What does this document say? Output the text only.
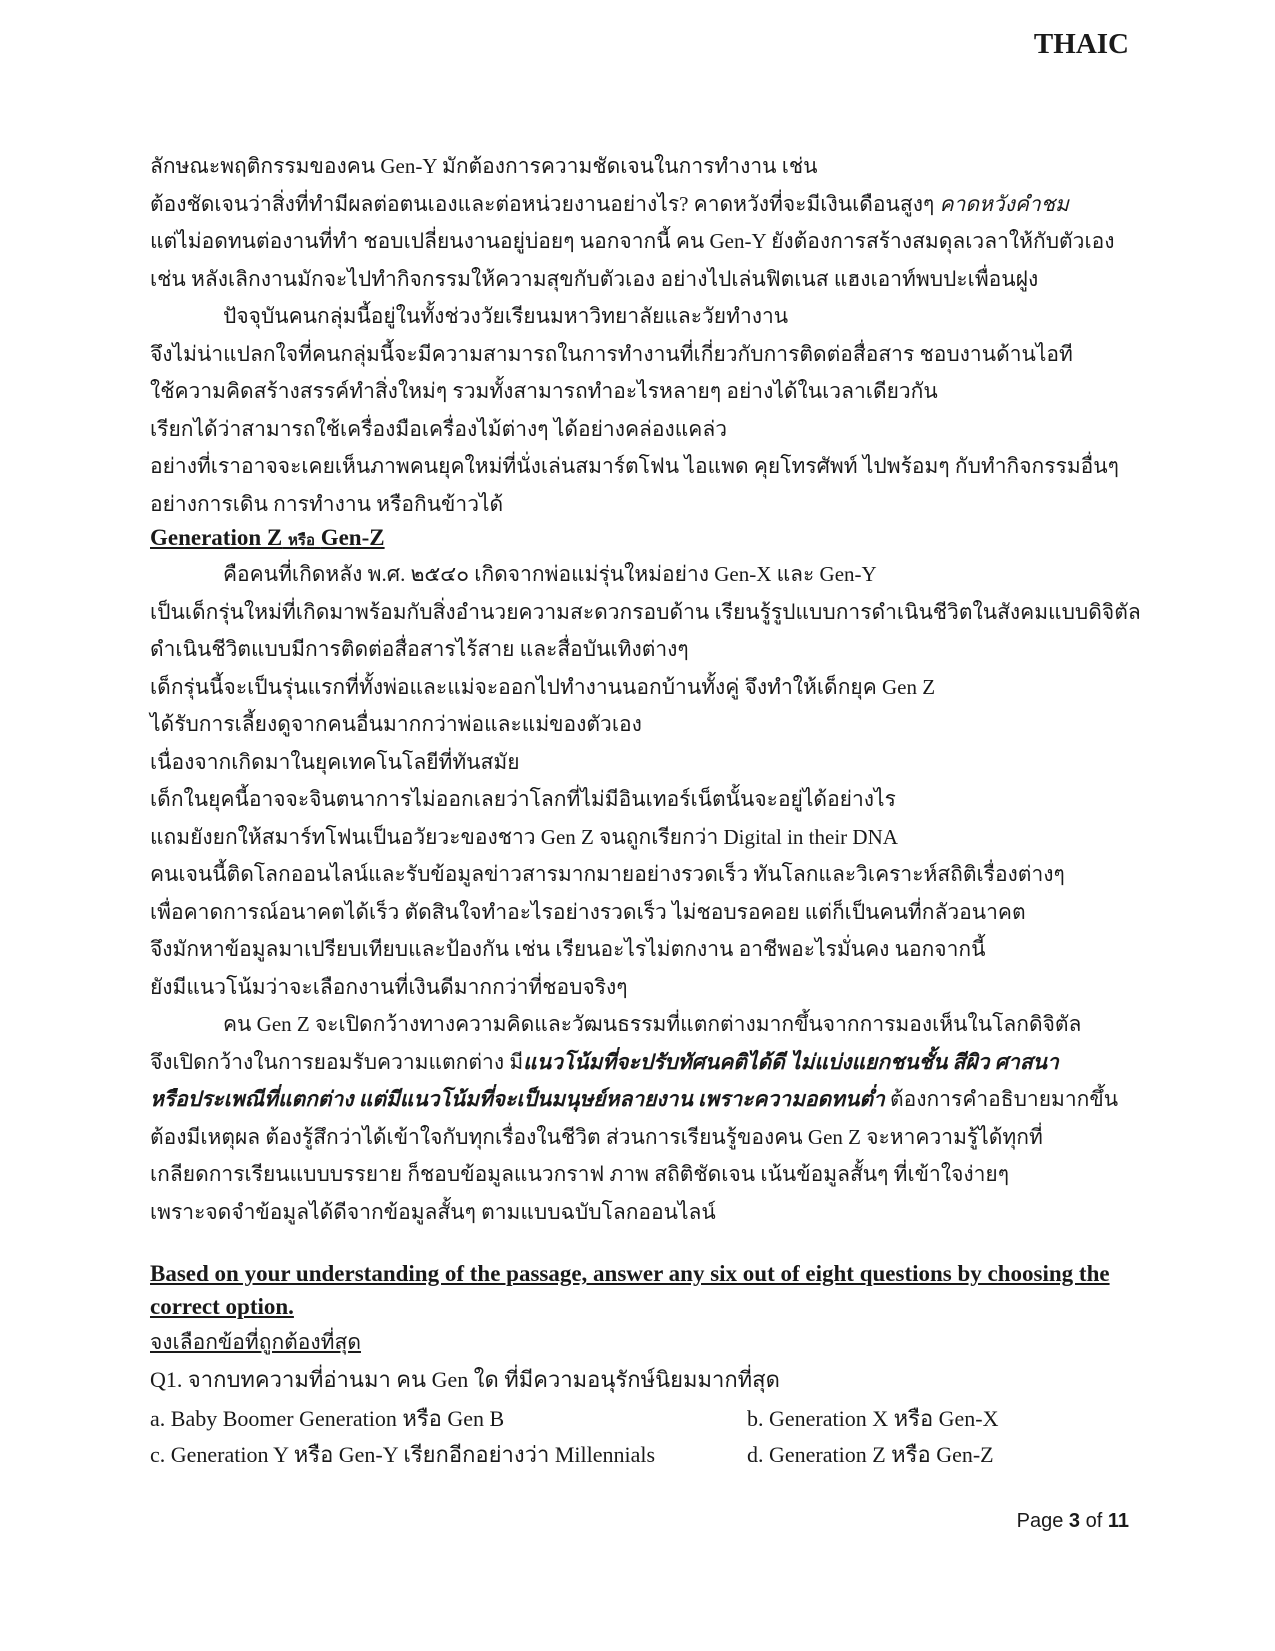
THAIC
ลักษณะพฤติกรรมของคน Gen-Y มักต้องการความชัดเจนในการทำงาน เช่น
ต้องชัดเจนว่าสิ่งที่ทำมีผลต่อตนเองและต่อหน่วยงานอย่างไร? คาดหวังที่จะมีเงินเดือนสูงๆ คาดหวังคำชม
แต่ไม่อดทนต่องานที่ทำ ชอบเปลี่ยนงานอยู่บ่อยๆ นอกจากนี้ คน Gen-Y ยังต้องการสร้างสมดุลเวลาให้กับตัวเอง
เช่น หลังเลิกงานมักจะไปทำกิจกรรมให้ความสุขกับตัวเอง อย่างไปเล่นฟิตเนส แฮงเอาท์พบปะเพื่อนฝูง
ปัจจุบันคนกลุ่มนี้อยู่ในทั้งช่วงวัยเรียนมหาวิทยาลัยและวัยทำงาน
จึงไม่น่าแปลกใจที่คนกลุ่มนี้จะมีความสามารถในการทำงานที่เกี่ยวกับการติดต่อสื่อสาร ชอบงานด้านไอที
ใช้ความคิดสร้างสรรค์ทำสิ่งใหม่ๆ รวมทั้งสามารถทำอะไรหลายๆ อย่างได้ในเวลาเดียวกัน
เรียกได้ว่าสามารถใช้เครื่องมือเครื่องไม้ต่างๆ ได้อย่างคล่องแคล่ว
อย่างที่เราอาจจะเคยเห็นภาพคนยุคใหม่ที่นั่งเล่นสมาร์ตโฟน ไอแพด คุยโทรศัพท์ ไปพร้อมๆ กับทำกิจกรรมอื่นๆ
อย่างการเดิน การทำงาน หรือกินข้าวได้
Generation Z หรือ Gen-Z
คือคนที่เกิดหลัง พ.ศ. ๒๕๔๐ เกิดจากพ่อแม่รุ่นใหม่อย่าง Gen-X และ Gen-Y
เป็นเด็กรุ่นใหม่ที่เกิดมาพร้อมกับสิ่งอำนวยความสะดวกรอบด้าน เรียนรู้รูปแบบการดำเนินชีวิตในสังคมแบบดิจิตัล
ดำเนินชีวิตแบบมีการติดต่อสื่อสารไร้สาย และสื่อบันเทิงต่างๆ
เด็กรุ่นนี้จะเป็นรุ่นแรกที่ทั้งพ่อและแม่จะออกไปทำงานนอกบ้านทั้งคู่ จึงทำให้เด็กยุค Gen Z
ได้รับการเลี้ยงดูจากคนอื่นมากกว่าพ่อและแม่ของตัวเอง
เนื่องจากเกิดมาในยุคเทคโนโลยีที่ทันสมัย
เด็กในยุคนี้อาจจะจินตนาการไม่ออกเลยว่าโลกที่ไม่มีอินเทอร์เน็ตนั้นจะอยู่ได้อย่างไร
แถมยังยกให้สมาร์ทโฟนเป็นอวัยวะของชาว Gen Z จนถูกเรียกว่า Digital in their DNA
คนเจนนี้ติดโลกออนไลน์และรับข้อมูลข่าวสารมากมายอย่างรวดเร็ว ทันโลกและวิเคราะห์สถิติเรื่องต่างๆ
เพื่อคาดการณ์อนาคตได้เร็ว ตัดสินใจทำอะไรอย่างรวดเร็ว ไม่ชอบรอคอย แต่ก็เป็นคนที่กลัวอนาคต
จึงมักหาข้อมูลมาเปรียบเทียบและป้องกัน เช่น เรียนอะไรไม่ตกงาน อาชีพอะไรมั่นคง นอกจากนี้
ยังมีแนวโน้มว่าจะเลือกงานที่เงินดีมากกว่าที่ชอบจริงๆ
คน Gen Z จะเปิดกว้างทางความคิดและวัฒนธรรมที่แตกต่างมากขึ้นจากการมองเห็นในโลกดิจิตัล
จึงเปิดกว้างในการยอมรับความแตกต่าง มีแนวโน้มที่จะปรับทัศนคติได้ดี ไม่แบ่งแยกชนชั้น สีผิว ศาสนา
หรือประเพณีที่แตกต่าง แต่มีแนวโน้มที่จะเป็นมนุษย์หลายงาน เพราะความอดทนต่ำ ต้องการคำอธิบายมากขึ้น
ต้องมีเหตุผล ต้องรู้สึกว่าได้เข้าใจกับทุกเรื่องในชีวิต ส่วนการเรียนรู้ของคน Gen Z จะหาความรู้ได้ทุกที่
เกลียดการเรียนแบบบรรยาย ก็ชอบข้อมูลแนวกราฟ ภาพ สถิติชัดเจน เน้นข้อมูลสั้นๆ ที่เข้าใจง่ายๆ
เพราะจดจำข้อมูลได้ดีจากข้อมูลสั้นๆ ตามแบบฉบับโลกออนไลน์
Based on your understanding of the passage, answer any six out of eight questions by choosing the correct option.
จงเลือกข้อที่ถูกต้องที่สุด
Q1. จากบทความที่อ่านมา คน Gen ใด ที่มีความอนุรักษ์นิยมมากที่สุด
a. Baby Boomer Generation หรือ Gen B	b. Generation X หรือ Gen-X
c. Generation Y หรือ Gen-Y เรียกอีกอย่างว่า Millennials	d. Generation Z หรือ Gen-Z
Page 3 of 11
